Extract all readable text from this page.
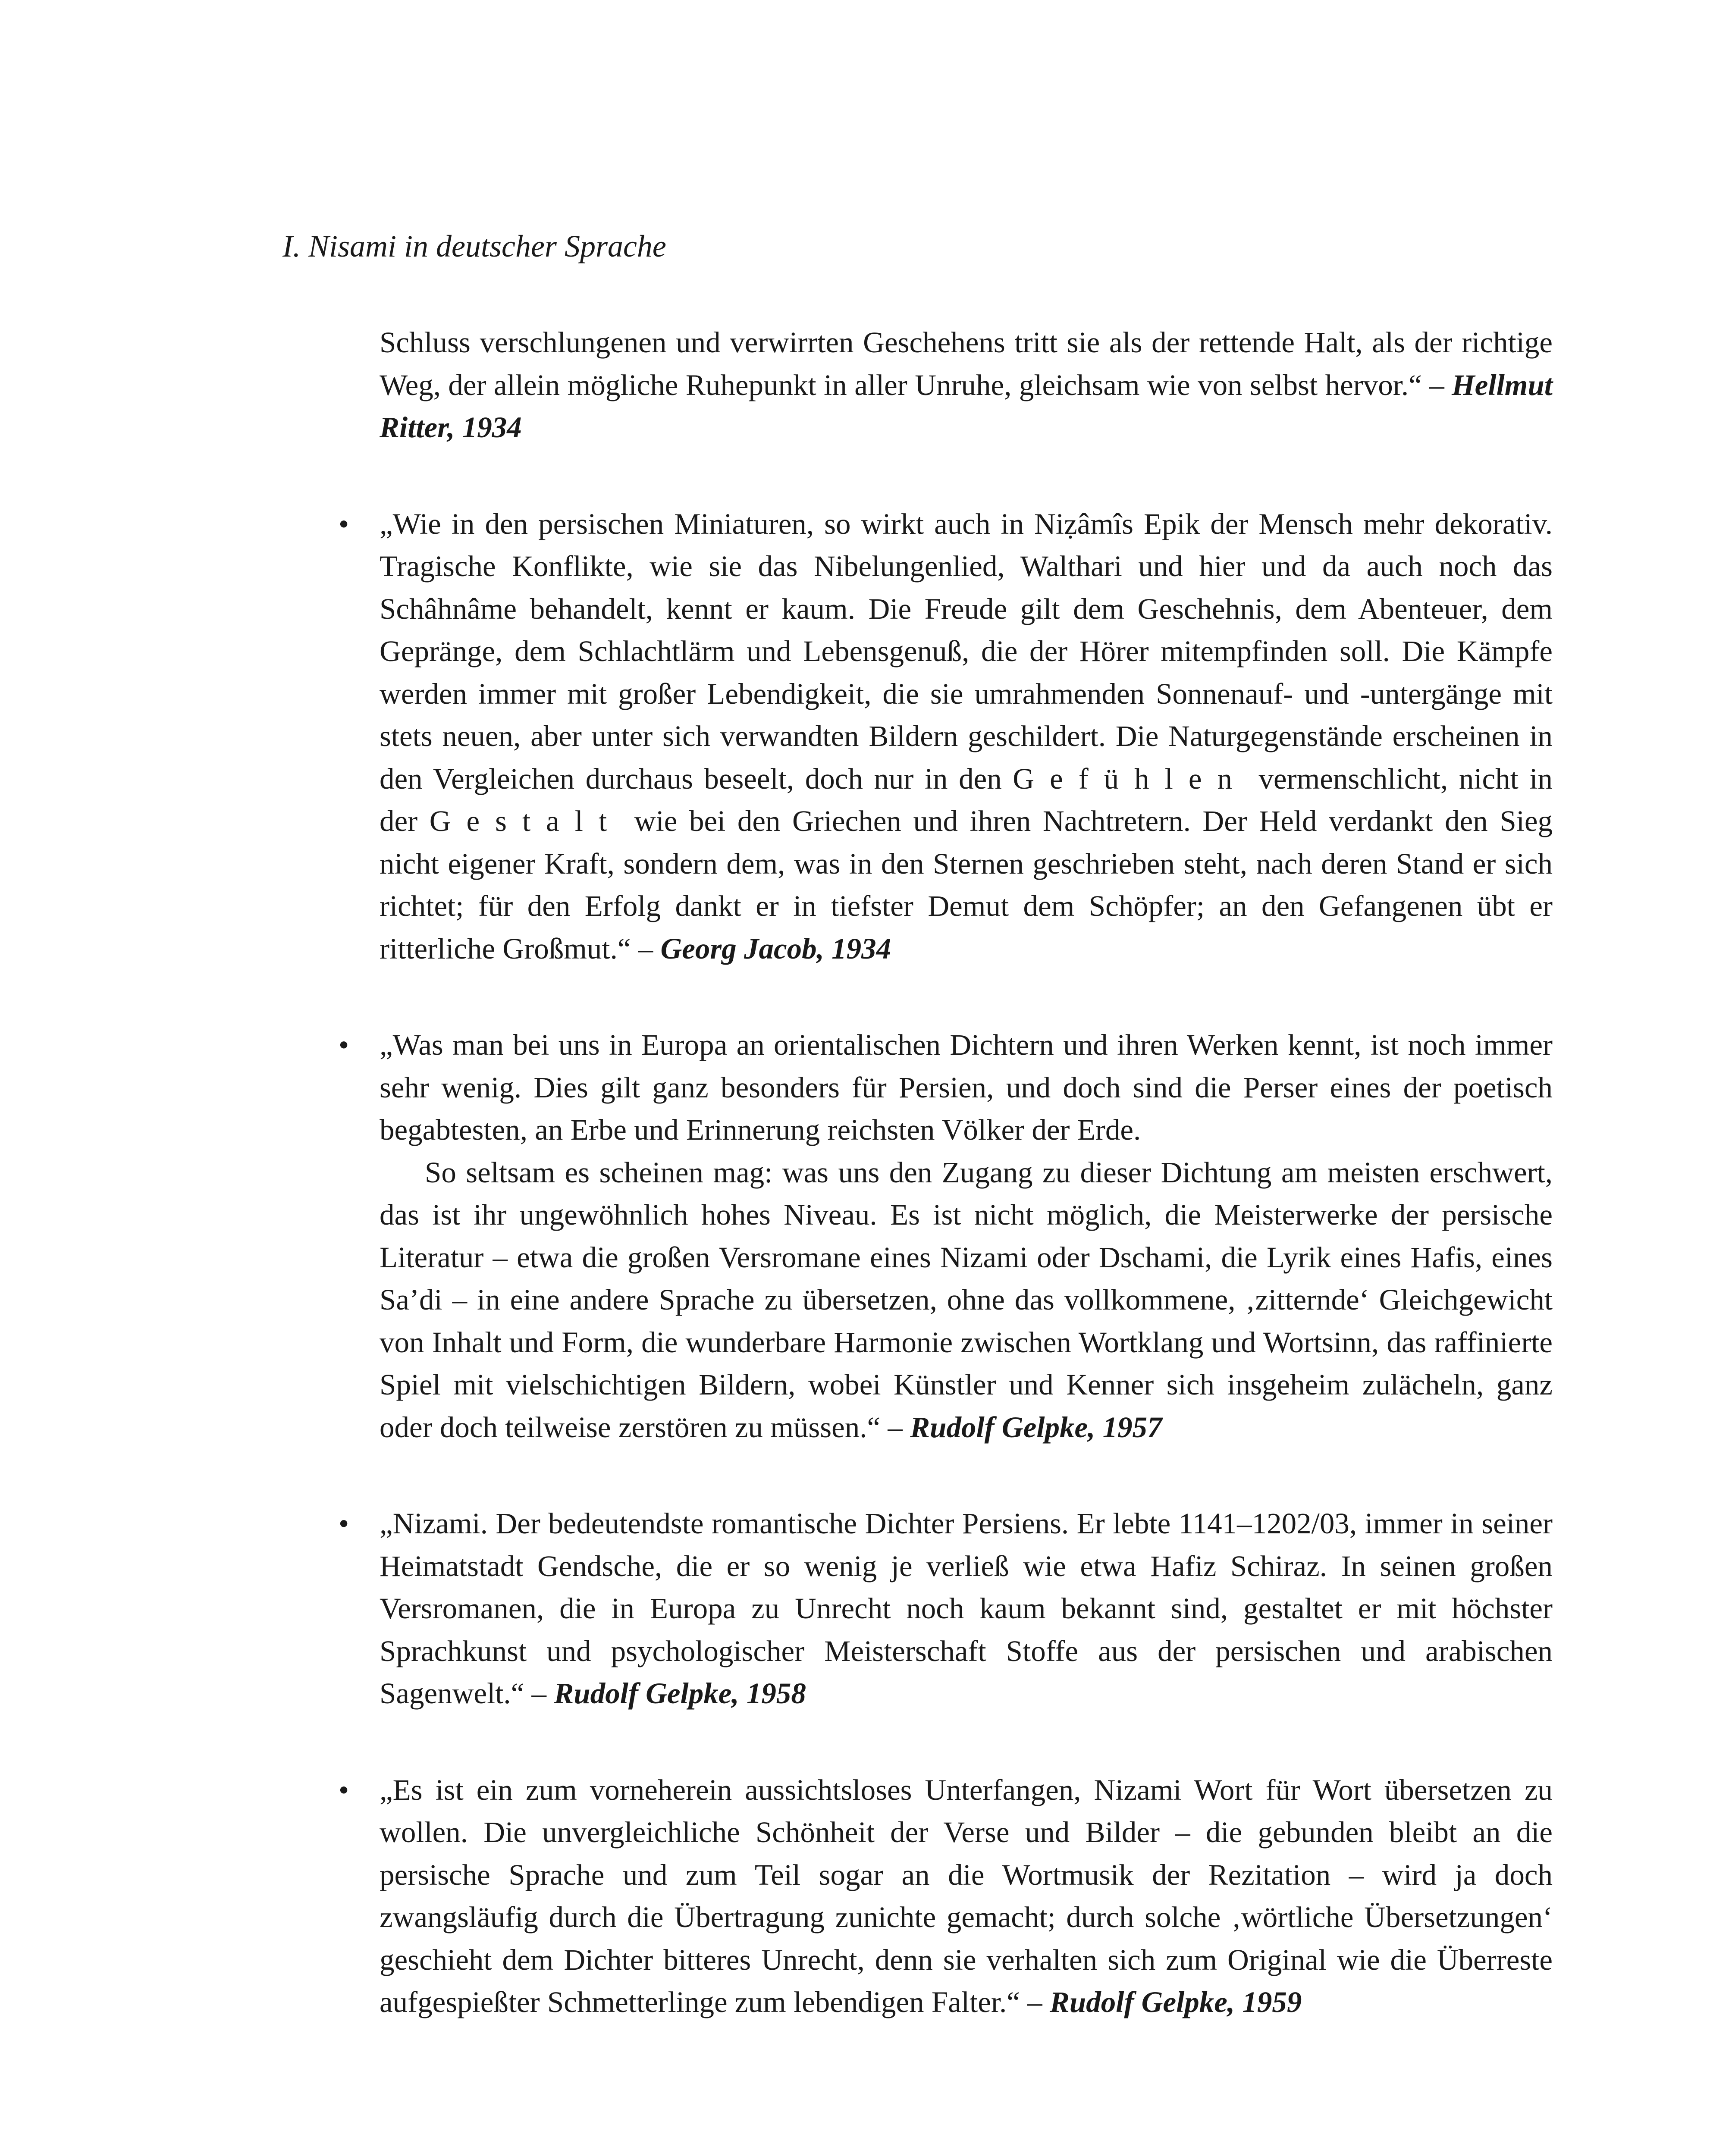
I. Nisami in deutscher Sprache

Schluss verschlungenen und verwirrten Geschehens tritt sie als der rettende Halt, als der richtige Weg, der allein mögliche Ruhepunkt in aller Unruhe, gleichsam wie von selbst hervor.“ – Hellmut Ritter, 1934

• „Wie in den persischen Miniaturen, so wirkt auch in Niẓâmîs Epik der Mensch mehr dekorativ. Tragische Konflikte, wie sie das Nibelungenlied, Walthari und hier und da auch noch das Schâhnâme behandelt, kennt er kaum. Die Freude gilt dem Geschehnis, dem Abenteuer, dem Gepränge, dem Schlachtlärm und Lebensgenuß, die der Hörer mitempfinden soll. Die Kämpfe werden immer mit großer Lebendigkeit, die sie umrahmenden Sonnenauf- und -untergänge mit stets neuen, aber unter sich verwandten Bildern geschildert. Die Naturgegenstände erscheinen in den Vergleichen durchaus beseelt, doch nur in den Gefühlen vermenschlicht, nicht in der Gestalt wie bei den Griechen und ihren Nachtretern. Der Held verdankt den Sieg nicht eigener Kraft, sondern dem, was in den Sternen geschrieben steht, nach deren Stand er sich richtet; für den Erfolg dankt er in tiefster Demut dem Schöpfer; an den Gefangenen übt er ritterliche Großmut.“ – Georg Jacob, 1934

• „Was man bei uns in Europa an orientalischen Dichtern und ihren Werken kennt, ist noch immer sehr wenig. Dies gilt ganz besonders für Persien, und doch sind die Perser eines der poetisch begabtesten, an Erbe und Erinnerung reichsten Völker der Erde.

So seltsam es scheinen mag: was uns den Zugang zu dieser Dichtung am meisten erschwert, das ist ihr ungewöhnlich hohes Niveau. Es ist nicht möglich, die Meisterwerke der persische Literatur – etwa die großen Versromane eines Nizami oder Dschami, die Lyrik eines Hafis, eines Sa’di – in eine andere Sprache zu übersetzen, ohne das vollkommene, ‚zitternde‘ Gleichgewicht von Inhalt und Form, die wunderbare Harmonie zwischen Wortklang und Wortsinn, das raffinierte Spiel mit vielschichtigen Bildern, wobei Künstler und Kenner sich insgeheim zulächeln, ganz oder doch teilweise zerstören zu müssen.“ – Rudolf Gelpke, 1957

• „Nizami. Der bedeutendste romantische Dichter Persiens. Er lebte 1141–1202/03, immer in seiner Heimatstadt Gendsche, die er so wenig je verließ wie etwa Hafiz Schiraz. In seinen großen Versromanen, die in Europa zu Unrecht noch kaum bekannt sind, gestaltet er mit höchster Sprachkunst und psychologischer Meisterschaft Stoffe aus der persischen und arabischen Sagenwelt.“ – Rudolf Gelpke, 1958

• „Es ist ein zum vorneherein aussichtsloses Unterfangen, Nizami Wort für Wort übersetzen zu wollen. Die unvergleichliche Schönheit der Verse und Bilder – die gebunden bleibt an die persische Sprache und zum Teil sogar an die Wortmusik der Rezitation – wird ja doch zwangsläufig durch die Übertragung zunichte gemacht; durch solche ‚wörtliche Übersetzungen‘ geschieht dem Dichter bitteres Unrecht, denn sie verhalten sich zum Original wie die Überreste aufgespießter Schmetterlinge zum lebendigen Falter.“ – Rudolf Gelpke, 1959
